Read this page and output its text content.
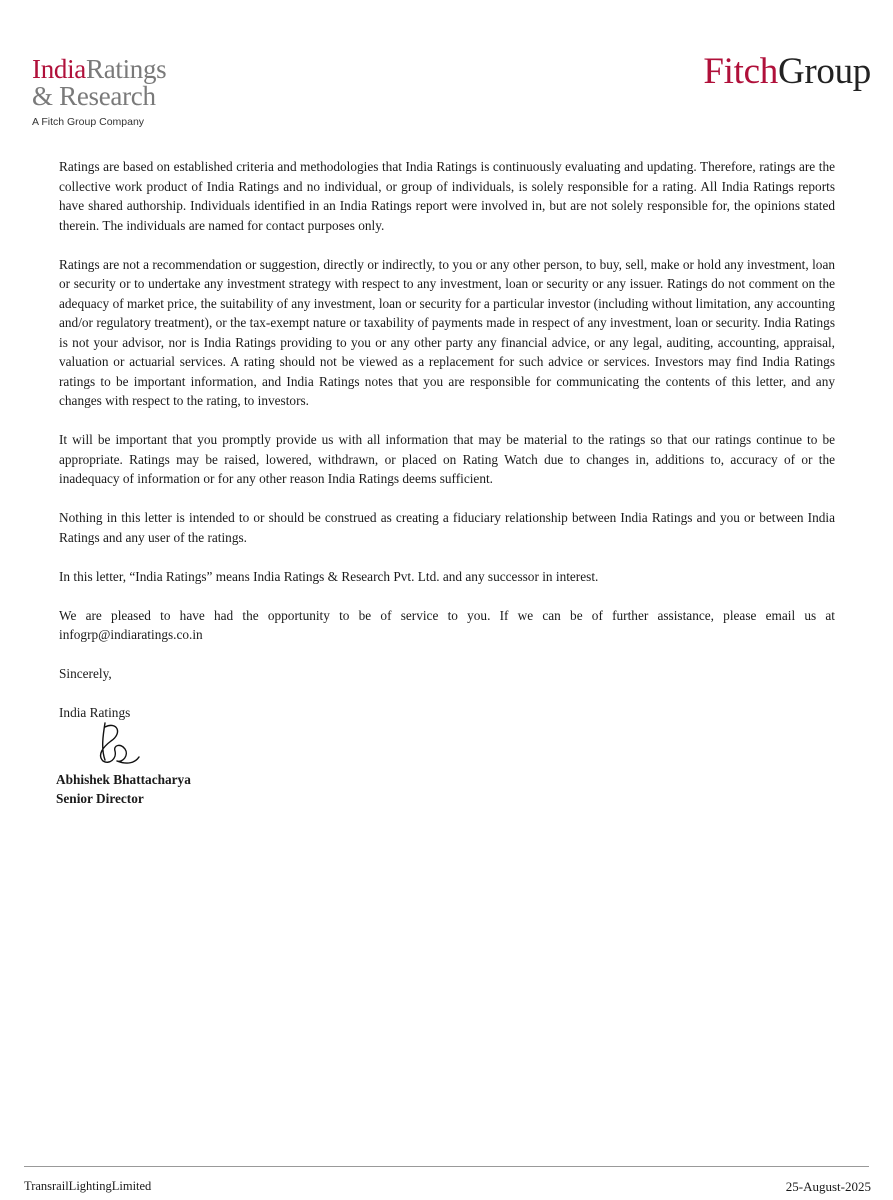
IndiaRatings
& Research
A Fitch Group Company
FitchGroup

Ratings are based on established criteria and methodologies that India Ratings is continuously evaluating and updating. Therefore, ratings are the collective work product of India Ratings and no individual, or group of individuals, is solely responsible for a rating. All India Ratings reports have shared authorship. Individuals identified in an India Ratings report were involved in, but are not solely responsible for, the opinions stated therein. The individuals are named for contact purposes only.

Ratings are not a recommendation or suggestion, directly or indirectly, to you or any other person, to buy, sell, make or hold any investment, loan or security or to undertake any investment strategy with respect to any investment, loan or security or any issuer. Ratings do not comment on the adequacy of market price, the suitability of any investment, loan or security for a particular investor (including without limitation, any accounting and/or regulatory treatment), or the tax-exempt nature or taxability of payments made in respect of any investment, loan or security. India Ratings is not your advisor, nor is India Ratings providing to you or any other party any financial advice, or any legal, auditing, accounting, appraisal, valuation or actuarial services. A rating should not be viewed as a replacement for such advice or services. Investors may find India Ratings ratings to be important information, and India Ratings notes that you are responsible for communicating the contents of this letter, and any changes with respect to the rating, to investors.

It will be important that you promptly provide us with all information that may be material to the ratings so that our ratings continue to be appropriate. Ratings may be raised, lowered, withdrawn, or placed on Rating Watch due to changes in, additions to, accuracy of or the inadequacy of information or for any other reason India Ratings deems sufficient.

Nothing in this letter is intended to or should be construed as creating a fiduciary relationship between India Ratings and you or between India Ratings and any user of the ratings.

In this letter, “India Ratings” means India Ratings & Research Pvt. Ltd. and any successor in interest.

We are pleased to have had the opportunity to be of service to you. If we can be of further assistance, please email us at infogrp@indiaratings.co.in

Sincerely,

India Ratings

Abhishek Bhattacharya
Senior Director
TransrailLightingLimited	25-August-2025
